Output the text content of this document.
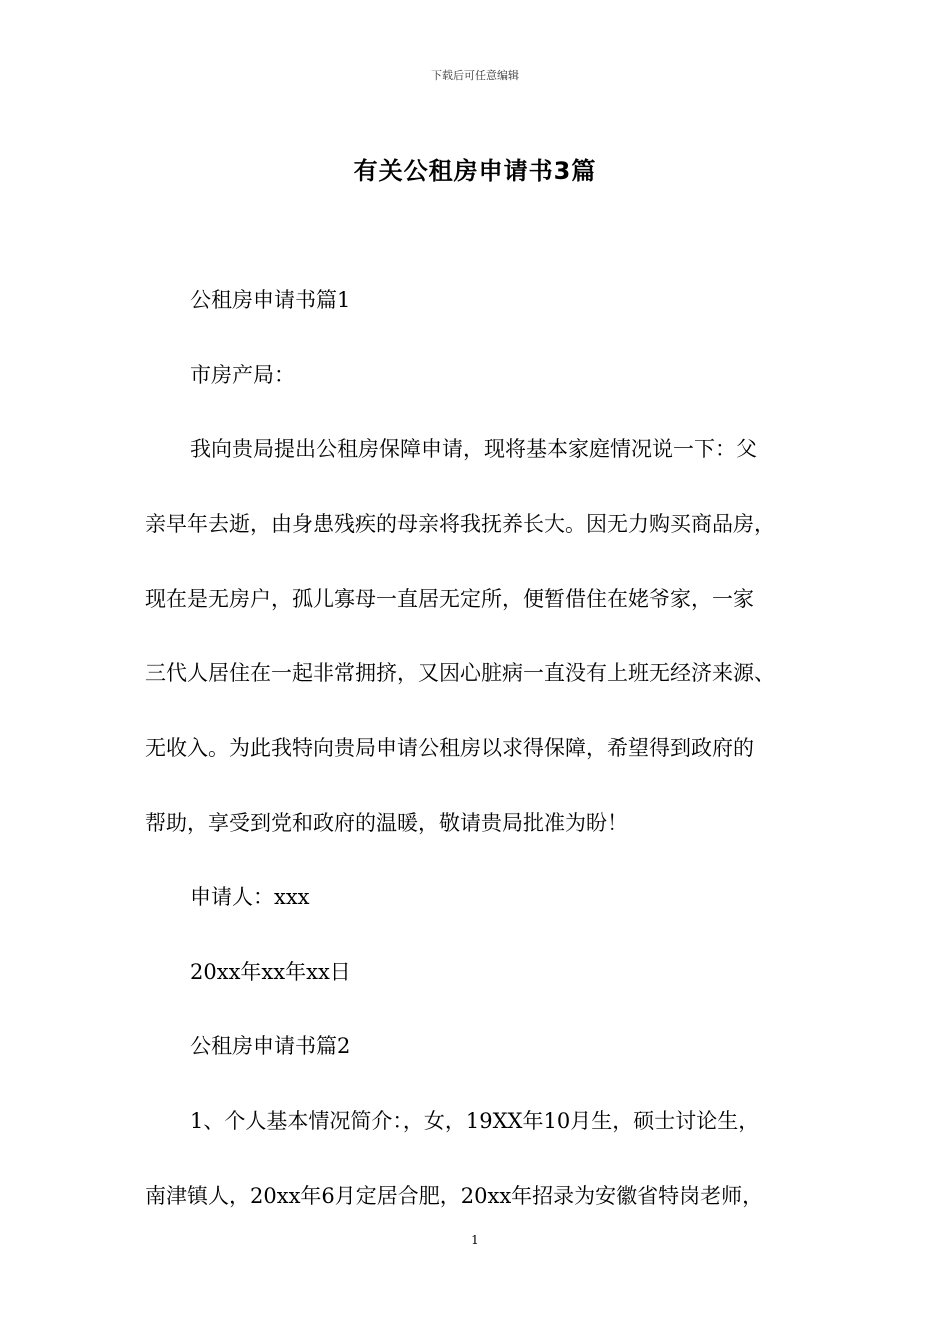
下载后可任意编辑
有关公租房申请书3篇
公租房申请书篇1
市房产局：
我向贵局提出公租房保障申请，现将基本家庭情况说一下：父
亲早年去逝，由身患残疾的母亲将我抚养长大。因无力购买商品房，
现在是无房户，孤儿寡母一直居无定所，便暂借住在姥爷家，一家
三代人居住在一起非常拥挤，又因心脏病一直没有上班无经济来源、
无收入。为此我特向贵局申请公租房以求得保障，希望得到政府的
帮助，享受到党和政府的温暖，敬请贵局批准为盼！
申请人：xxx
20xx年xx年xx日
公租房申请书篇2
1、个人基本情况简介：，女，19XX年10月生，硕士讨论生，
南津镇人，20xx年6月定居合肥，20xx年招录为安徽省特岗老师，
1
